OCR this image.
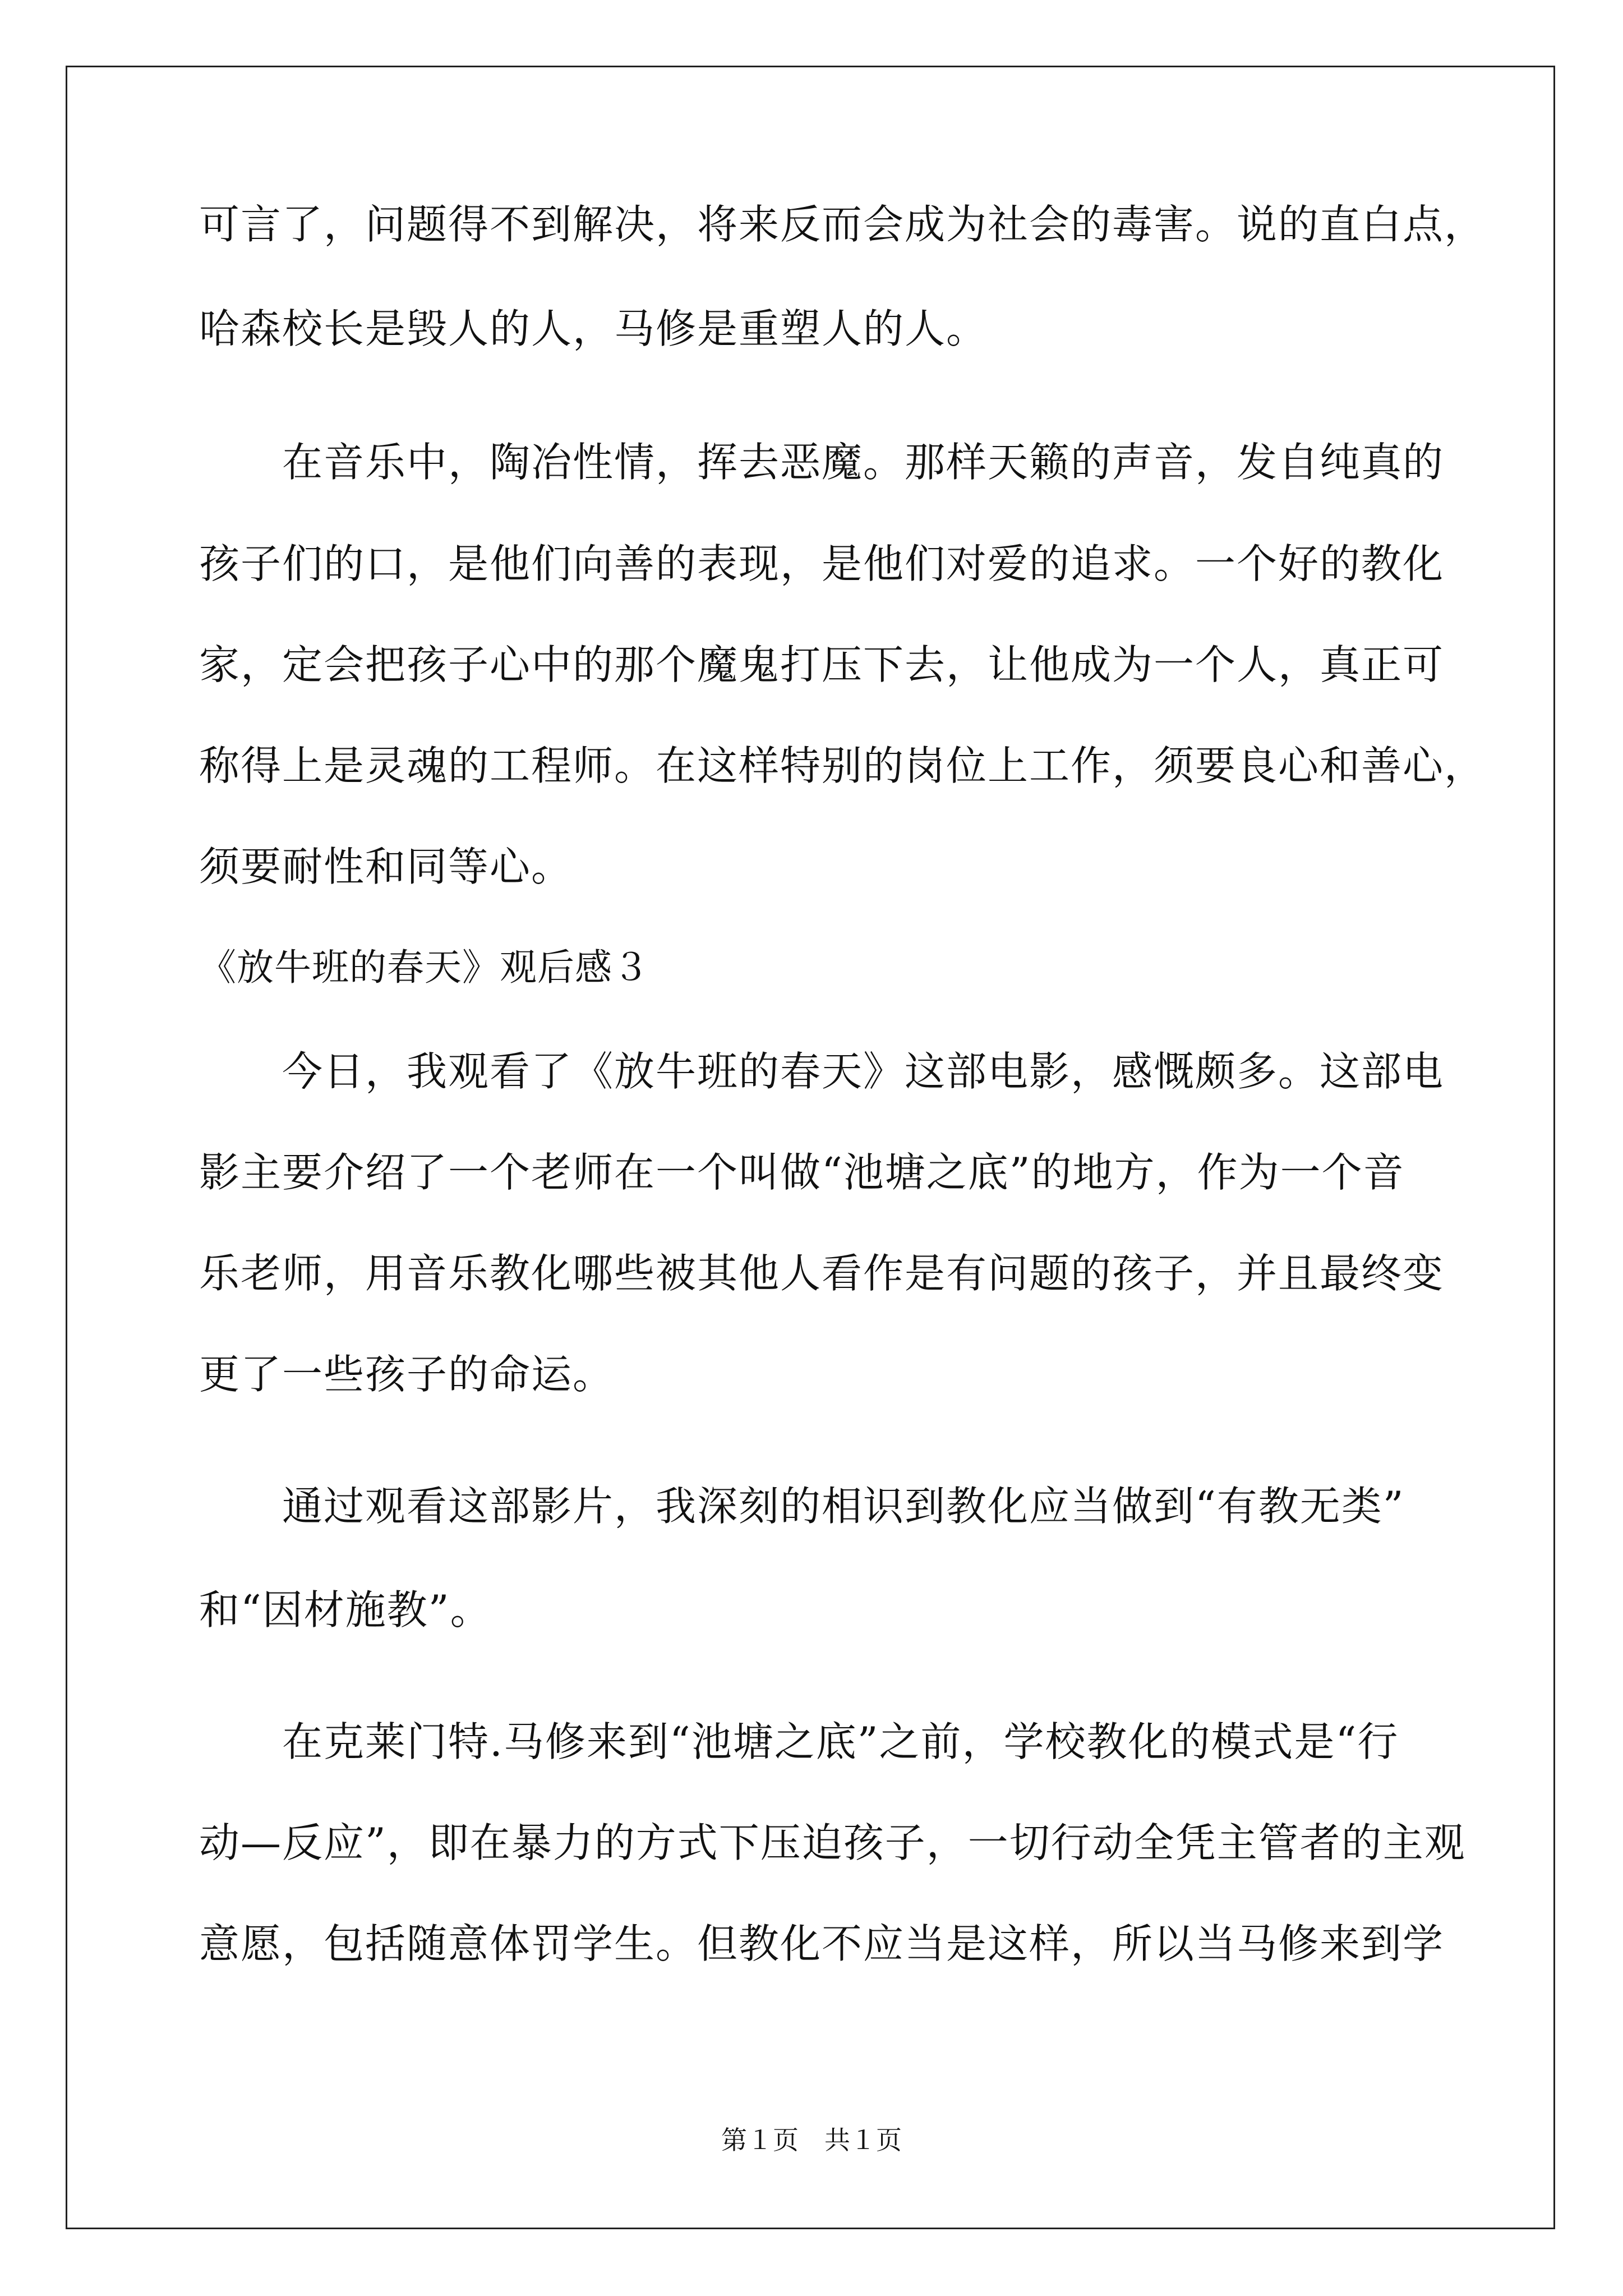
可言了，问题得不到解决，将来反而会成为社会的毒害。说的直白点，
哈森校长是毁人的人，马修是重塑人的人。
在音乐中，陶冶性情，挥去恶魔。那样天籁的声音，发自纯真的
孩子们的口，是他们向善的表现，是他们对爱的追求。一个好的教化
家，定会把孩子心中的那个魔鬼打压下去，让他成为一个人，真正可
称得上是灵魂的工程师。在这样特别的岗位上工作，须要良心和善心，
须要耐性和同等心。
《放牛班的春天》观后感３
今日，我观看了《放牛班的春天》这部电影，感慨颇多。这部电
影主要介绍了一个老师在一个叫做“池塘之底”的地方，作为一个音
乐老师，用音乐教化哪些被其他人看作是有问题的孩子，并且最终变
更了一些孩子的命运。
通过观看这部影片，我深刻的相识到教化应当做到“有教无类”
和“因材施教”。
在克莱门特.马修来到“池塘之底”之前，学校教化的模式是“行
动—反应”，即在暴力的方式下压迫孩子，一切行动全凭主管者的主观
意愿，包括随意体罚学生。但教化不应当是这样，所以当马修来到学
第１页　共１页
